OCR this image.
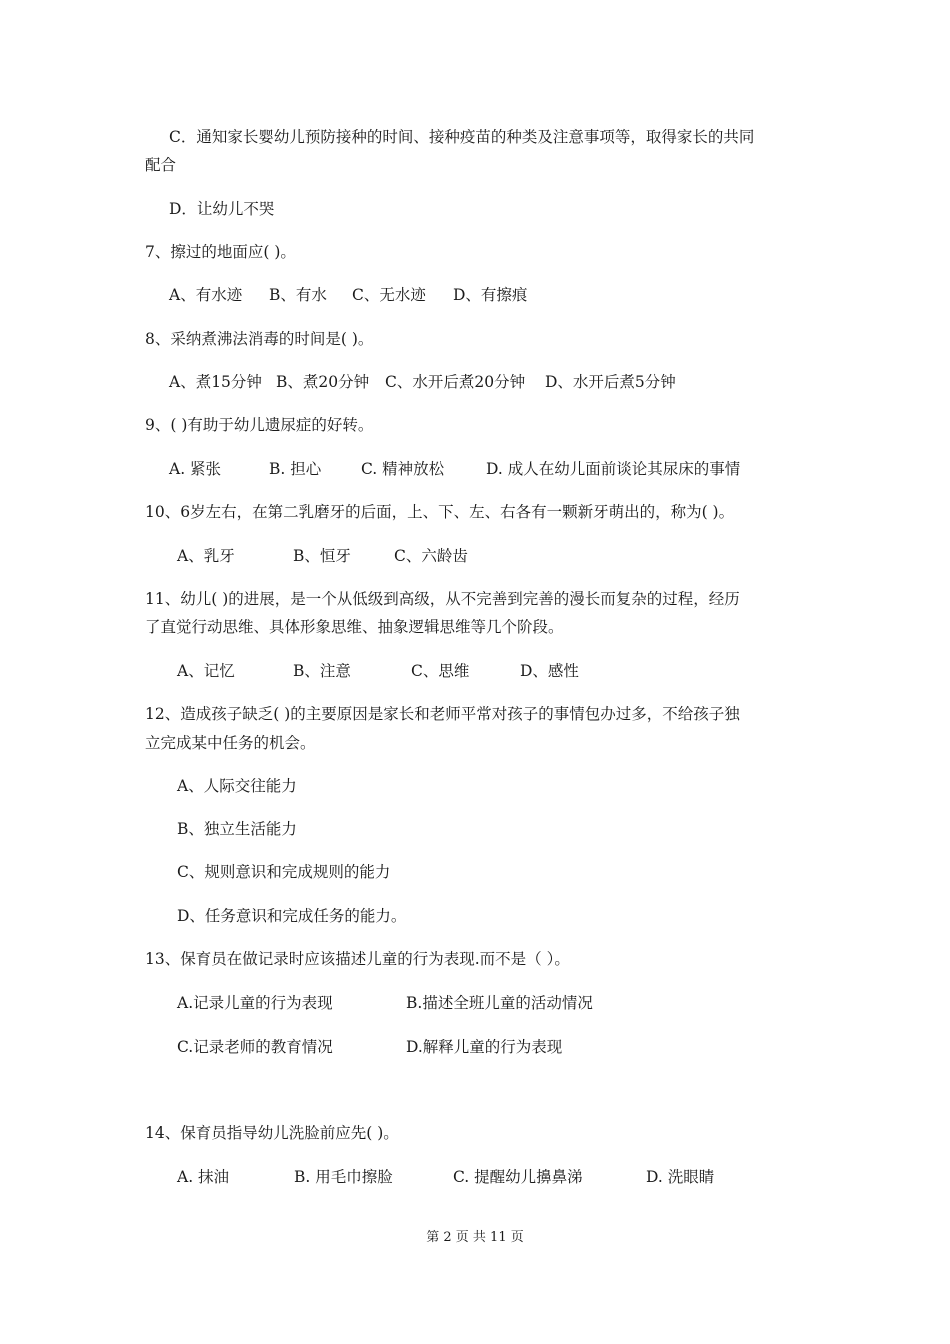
C．通知家长婴幼儿预防接种的时间、接种疫苗的种类及注意事项等，取得家长的共同
配合
D．让幼儿不哭
7、擦过的地面应( )。
A、有水迹 B、有水 C、无水迹 D、有擦痕
8、采纳煮沸法消毒的时间是( )。
A、煮15分钟 B、煮20分钟 C、水开后煮20分钟 D、水开后煮5分钟
9、( )有助于幼儿遗尿症的好转。
A. 紧张	B. 担心	C. 精神放松	D. 成人在幼儿面前谈论其尿床的事情
10、6岁左右，在第二乳磨牙的后面，上、下、左、右各有一颗新牙萌出的，称为( )。
A、乳牙	B、恒牙	C、六龄齿
11、幼儿( )的进展，是一个从低级到高级，从不完善到完善的漫长而复杂的过程，经历
了直觉行动思维、具体形象思维、抽象逻辑思维等几个阶段。
A、记忆	B、注意	C、思维	D、感性
12、造成孩子缺乏( )的主要原因是家长和老师平常对孩子的事情包办过多，不给孩子独
立完成某中任务的机会。
A、人际交往能力
B、独立生活能力
C、规则意识和完成规则的能力
D、任务意识和完成任务的能力。
13、保育员在做记录时应该描述儿童的行为表现.而不是（ ）。
A.记录儿童的行为表现	B.描述全班儿童的活动情况
C.记录老师的教育情况	D.解释儿童的行为表现
14、保育员指导幼儿洗脸前应先( )。
A. 抹油	B. 用毛巾擦脸	C. 提醒幼儿擤鼻涕	D. 洗眼睛
第 2 页 共 11 页
